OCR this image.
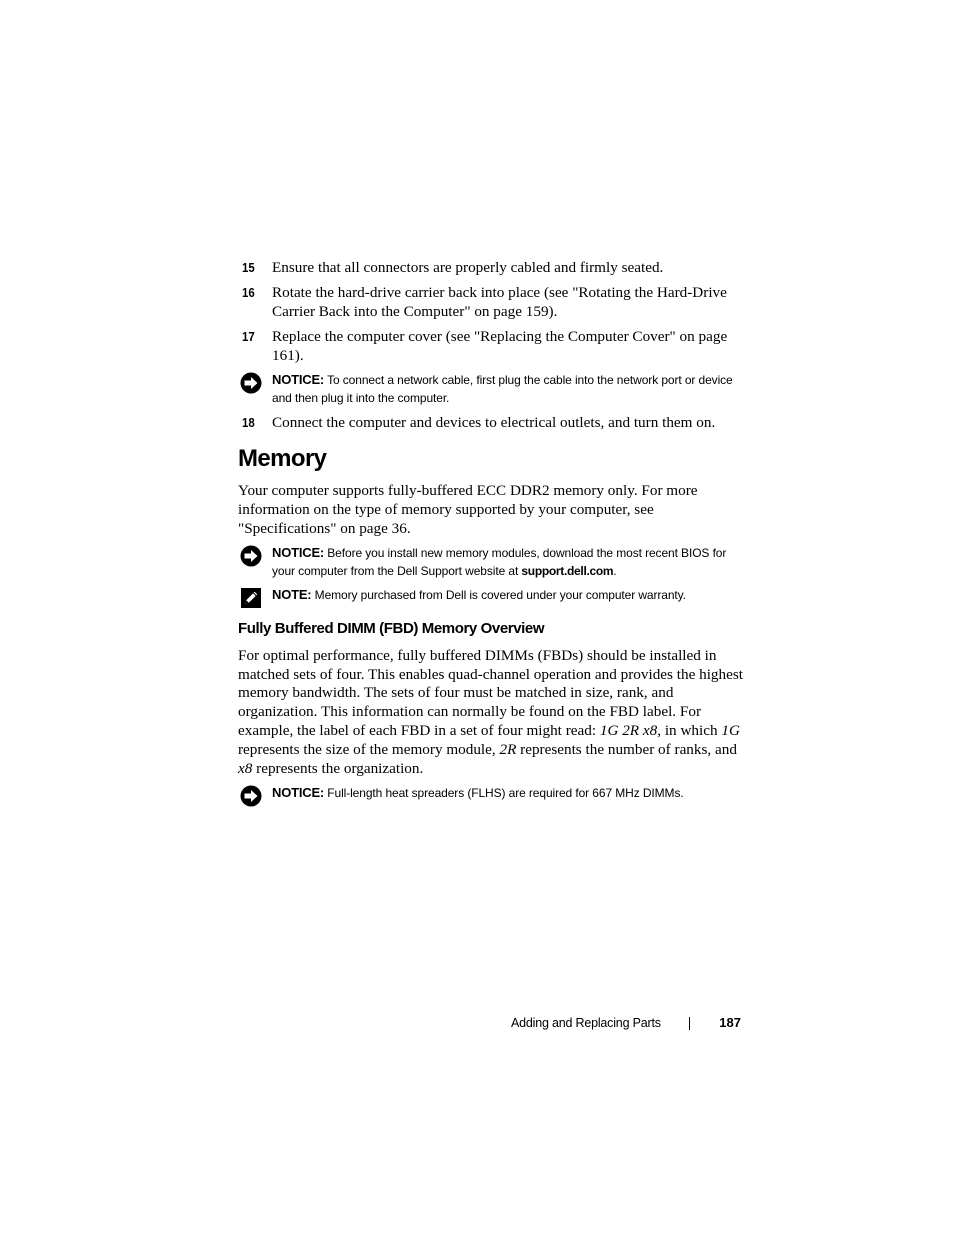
15 Ensure that all connectors are properly cabled and firmly seated.
16 Rotate the hard-drive carrier back into place (see "Rotating the Hard-Drive Carrier Back into the Computer" on page 159).
17 Replace the computer cover (see "Replacing the Computer Cover" on page 161).
NOTICE: To connect a network cable, first plug the cable into the network port or device and then plug it into the computer.
18 Connect the computer and devices to electrical outlets, and turn them on.
Memory

Your computer supports fully-buffered ECC DDR2 memory only. For more information on the type of memory supported by your computer, see "Specifications" on page 36.

NOTICE: Before you install new memory modules, download the most recent BIOS for your computer from the Dell Support website at support.dell.com.
NOTE: Memory purchased from Dell is covered under your computer warranty.
Fully Buffered DIMM (FBD) Memory Overview

For optimal performance, fully buffered DIMMs (FBDs) should be installed in matched sets of four. This enables quad-channel operation and provides the highest memory bandwidth. The sets of four must be matched in size, rank, and organization. This information can normally be found on the FBD label. For example, the label of each FBD in a set of four might read: 1G 2R x8, in which 1G represents the size of the memory module, 2R represents the number of ranks, and x8 represents the organization.

NOTICE: Full-length heat spreaders (FLHS) are required for 667 MHz DIMMs.
Adding and Replacing Parts	187
